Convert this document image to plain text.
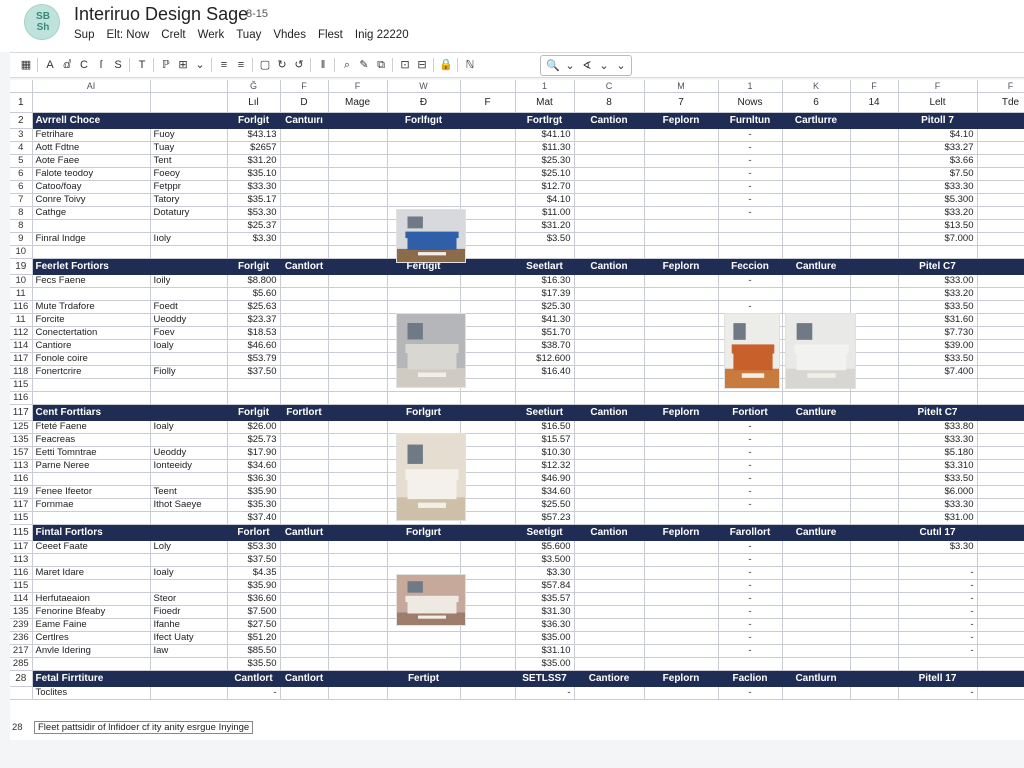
SB
Sh
Interiruo Design Sage
8-15
Sup Elt: Now Crelt Werk Tuay Vhdes Flest Inig 22220
🔍 ⌄ ∢ ⌄ ⌄
▦	A ⅆ C	ſ	S	T	ℙ ⊞ ⌄	≡ ≡	▢ ↻ ↺	‖	⌕ ✎ ⧉	⊡ ⊟	🔒	ℕ
	AI		Ğ	F	F	W		1	C	M	1	K	F	F	F
1			Lıl	D	Mage	Ð	F	Mat	8	7	Nows	6	14	Lelt	Tde
2	Avrrell Choce		Forlgit	Cantuırı		Forlfıgıt		Fortlrgt	Cantion	Feplorn	Furnltun	Cartlurre		Pitoll 7	
3	Fetrihare	Fuoy	$43.13					$41.10			-			$4.10	
4	Aott Fdtne	Tuay	$2657					$11.30			-			$33.27	
5	Aote Faee	Tent	$31.20					$25.30			-			$3.66	
6	Falote teodoy	Foeoy	$35.10					$25.10			-			$7.50	
6	Catoo/foay	Fetppr	$33.30					$12.70			-			$33.30	
7	Conre Toivy	Tatory	$35.17					$4.10			-			$5.300	
8	Cathge	Dotatury	$53.30					$11.00			-			$33.20	
8			$25.37					$31.20						$13.50	
9	Finral Indge	Iıoly	$3.30					$3.50						$7.000	
10															
19	Feerlet Fortiors		Forlgit	Cantlort		Fertigıt		Seetlart	Cantion	Feplorn	Feccion	Cantlure		Pitel C7	
10	Fecs Faene	Ioily	$8.800					$16.30			-			$33.00	
11			$5.60					$17.39						$33.20	
116	Mute Trdafore	Foedt	$25.63					$25.30			-			$33.50	
11	Forcite	Ueoddy	$23.37					$41.30						$31.60	
112	Conectertation	Foev	$18.53					$51.70						$7.730	
114	Cantiore	Ioaly	$46.60					$38.70						$39.00	
117	Fonole coire		$53.79					$12.600						$33.50	
118	Fonertcrire	Fiolly	$37.50					$16.40						$7.400	
115															
116															
117	Cent Forttiars		Forlgit	Fortlort		Forlgırt		Seetiurt	Cantion	Feplorn	Fortiort	Cantlure		Pitelt C7	
125	Fteté Faene	Ioaly	$26.00					$16.50			-			$33.80	
135	Feacreas		$25.73					$15.57			-			$33.30	
157	Eetti Tomntrae	Ueoddy	$17.90					$10.30			-			$5.180	
113	Parne Neree	Ionteeidy	$34.60					$12.32			-			$3.310	
116			$36.30					$46.90			-			$33.50	
119	Fenee Ifeetor	Teent	$35.90					$34.60			-			$6.000	
117	Fornmae	Ithot Saeye	$35.30					$25.50			-			$33.30	
115			$37.40					$57.23						$31.00	
115	Fintal Fortlors		Forlort	Cantlurt		Forlgırt		Seetigıt	Cantion	Feplorn	Farollort	Cantlure		Cutıl 17	
117	Ceeet Faate	Loly	$53.30					$5.600			-			$3.30	
113			$37.50					$3.500			-				
116	Maret Idare	Ioaly	$4.35					$3.30			-			-	
115			$35.90					$57.84			-			-	
114	Herfutaeaion	Steor	$36.60					$35.57			-			-	
135	Fenorine Bfeaby	Fioedr	$7.500					$31.30			-			-	
239	Eame Faine	Ifanhe	$27.50					$36.30			-			-	
236	Certlres	Ifect Uaty	$51.20					$35.00			-			-	
217	Anvle Idering	Iaw	$85.50					$31.10			-			-	
285			$35.50					$35.00							
28	Fetal Firrtiture		Cantlort	Cantlort		Fertipt		SETLSS7	Cantiore	Feplorn	Faclion	Cantlurn		Pitell 17	
	Toclites		-					-			-			-	
28	Fleet pattsidir of lnfidoer cf ity anity esrgue Inyinge
